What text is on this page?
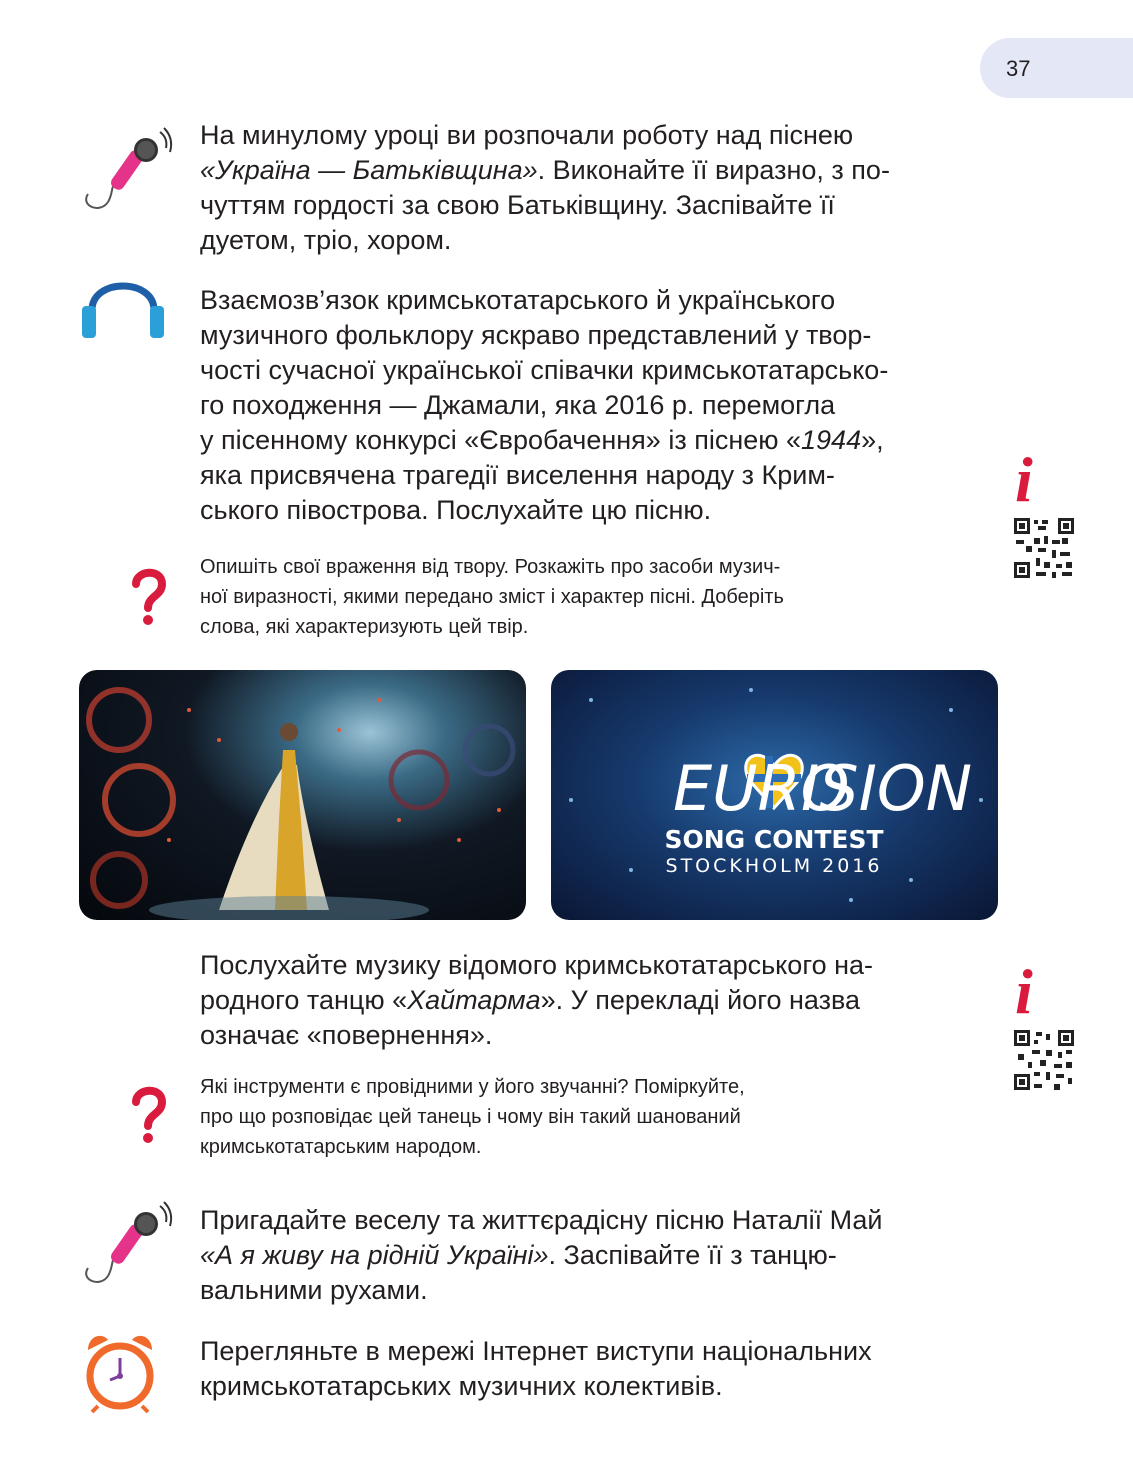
37
На минулому уроці ви розпочали роботу над піснею
«Україна — Батьківщина». Виконайте її виразно, з по-
чуттям гордості за свою Батьківщину. Заспівайте її
дуетом, тріо, хором.
Взаємозв’язок кримськотатарського й українського
музичного фольклору яскраво представлений у твор-
чості сучасної української співачки кримськотатарсько-
го походження — Джамали, яка 2016 р. перемогла
у пісенному конкурсі «Євробачення» із піснею «1944»,
яка присвячена трагедії виселення народу з Крим-
ського півострова. Послухайте цю пісню.	i
Опишіть свої враження від твору. Розкажіть про засоби музич-
ної виразності, якими передано зміст і характер пісні. Доберіть
слова, які характеризують цей твір.
EURO
ISION
SONG CONTEST
STOCKHOLM 2016
Послухайте музику відомого кримськотатарського на-
родного танцю «Хайтарма». У перекладі його назва
означає «повернення».
i
Які інструменти є провідними у його звучанні? Поміркуйте,
про що розповідає цей танець і чому він такий шанований
кримськотатарським народом.
Пригадайте веселу та життєрадісну пісню Наталії Май
«А я живу на рідній Україні». Заспівайте її з танцю-
вальними рухами.
Перегляньте в мережі Інтернет виступи національних
кримськотатарських музичних колективів.
